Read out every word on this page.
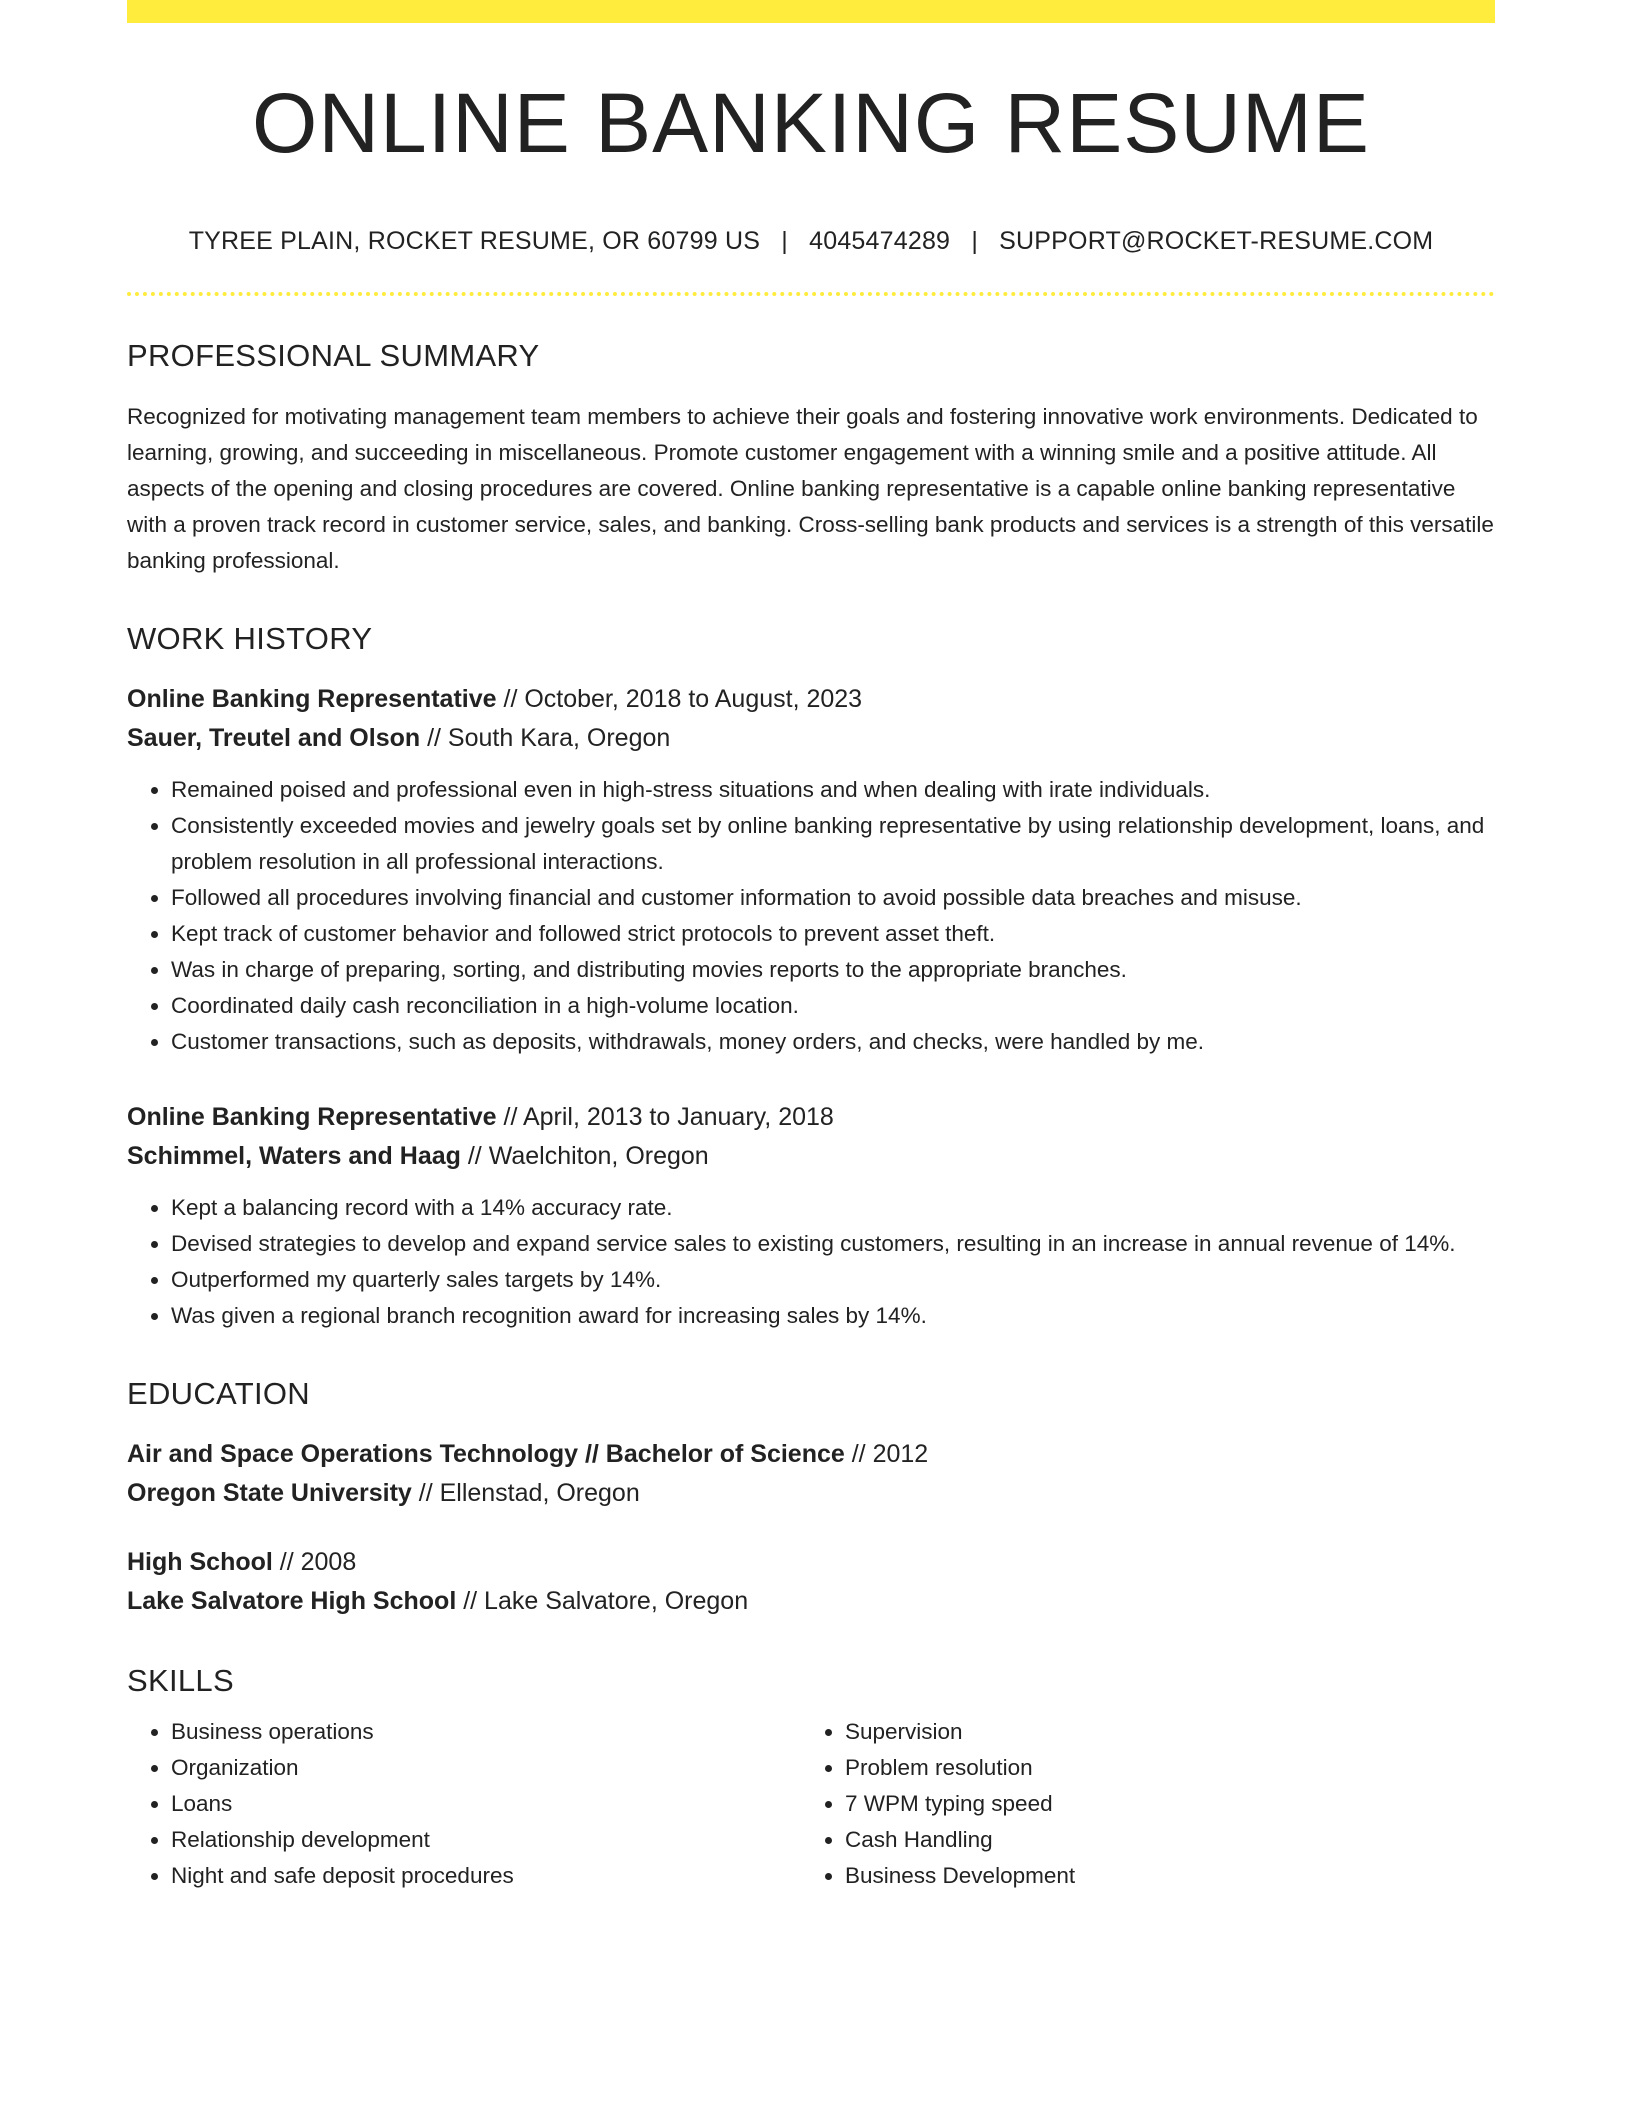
ONLINE BANKING RESUME
TYREE PLAIN, ROCKET RESUME, OR 60799 US | 4045474289 | SUPPORT@ROCKET-RESUME.COM
PROFESSIONAL SUMMARY

Recognized for motivating management team members to achieve their goals and fostering innovative work environments. Dedicated to learning, growing, and succeeding in miscellaneous. Promote customer engagement with a winning smile and a positive attitude. All aspects of the opening and closing procedures are covered. Online banking representative is a capable online banking representative with a proven track record in customer service, sales, and banking. Cross-selling bank products and services is a strength of this versatile banking professional.

WORK HISTORY
Online Banking Representative // October, 2018 to August, 2023
Sauer, Treutel and Olson // South Kara, Oregon
• Remained poised and professional even in high-stress situations and when dealing with irate individuals.
• Consistently exceeded movies and jewelry goals set by online banking representative by using relationship development, loans, and problem resolution in all professional interactions.
• Followed all procedures involving financial and customer information to avoid possible data breaches and misuse.
• Kept track of customer behavior and followed strict protocols to prevent asset theft.
• Was in charge of preparing, sorting, and distributing movies reports to the appropriate branches.
• Coordinated daily cash reconciliation in a high-volume location.
• Customer transactions, such as deposits, withdrawals, money orders, and checks, were handled by me.
Online Banking Representative // April, 2013 to January, 2018
Schimmel, Waters and Haag // Waelchiton, Oregon
• Kept a balancing record with a 14% accuracy rate.
• Devised strategies to develop and expand service sales to existing customers, resulting in an increase in annual revenue of 14%.
• Outperformed my quarterly sales targets by 14%.
• Was given a regional branch recognition award for increasing sales by 14%.
EDUCATION
Air and Space Operations Technology // Bachelor of Science // 2012
Oregon State University // Ellenstad, Oregon
High School // 2008
Lake Salvatore High School // Lake Salvatore, Oregon
SKILLS
• Business operations
• Organization
• Loans
• Relationship development
• Night and safe deposit procedures
• Supervision
• Problem resolution
• 7 WPM typing speed
• Cash Handling
• Business Development
